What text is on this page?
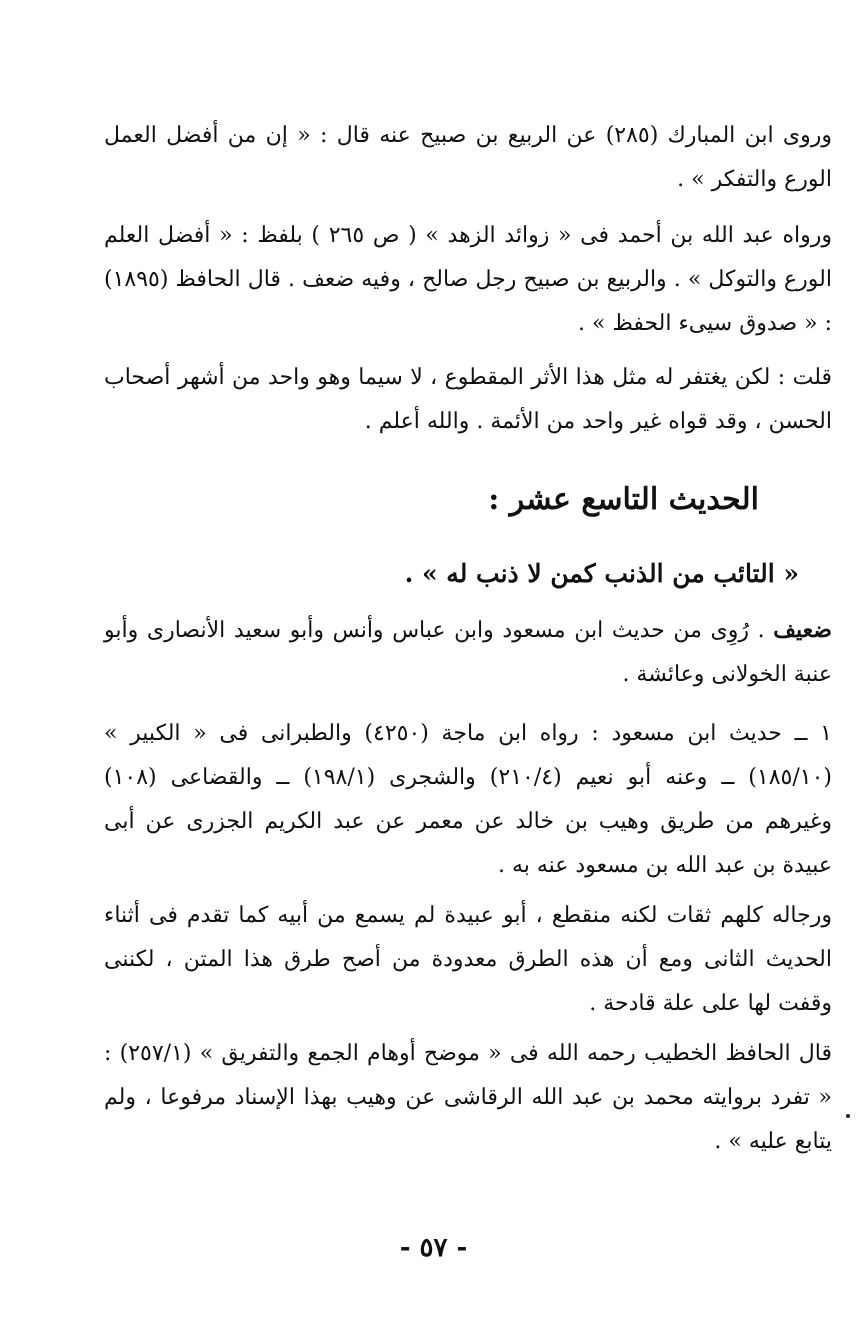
وروى ابن المبارك (٢٨٥) عن الربيع بن صبيح عنه قال : « إن من أفضل العمل الورع والتفكر » .

ورواه عبد الله بن أحمد فى « زوائد الزهد » ( ص ٢٦٥ ) بلفظ : « أفضل العلم الورع والتوكل » . والربيع بن صبيح رجل صالح ، وفيه ضعف . قال الحافظ (١٨٩٥) : « صدوق سيىء الحفظ » .

قلت : لكن يغتفر له مثل هذا الأثر المقطوع ، لا سيما وهو واحد من أشهر أصحاب الحسن ، وقد قواه غير واحد من الأئمة . والله أعلم .

الحديث التاسع عشر :

« التائب من الذنب كمن لا ذنب له » .

ضعيف . رُوِى من حديث ابن مسعود وابن عباس وأنس وأبو سعيد الأنصارى وأبو عنبة الخولانى وعائشة .

١ ــ حديث ابن مسعود : رواه ابن ماجة (٤٢٥٠) والطبرانى فى « الكبير » (١٨٥/١٠) ــ وعنه أبو نعيم (٢١٠/٤) والشجرى (١٩٨/١) ــ والقضاعى (١٠٨) وغيرهم من طريق وهيب بن خالد عن معمر عن عبد الكريم الجزرى عن أبى عبيدة بن عبد الله بن مسعود عنه به .

ورجاله كلهم ثقات لكنه منقطع ، أبو عبيدة لم يسمع من أبيه كما تقدم فى أثناء الحديث الثانى ومع أن هذه الطرق معدودة من أصح طرق هذا المتن ، لكننى وقفت لها على علة قادحة .

قال الحافظ الخطيب رحمه الله فى « موضح أوهام الجمع والتفريق » (٢٥٧/١) : « تفرد بروايته محمد بن عبد الله الرقاشى عن وهيب بهذا الإسناد مرفوعا ، ولم يتابع عليه » .

- ٥٧ -
